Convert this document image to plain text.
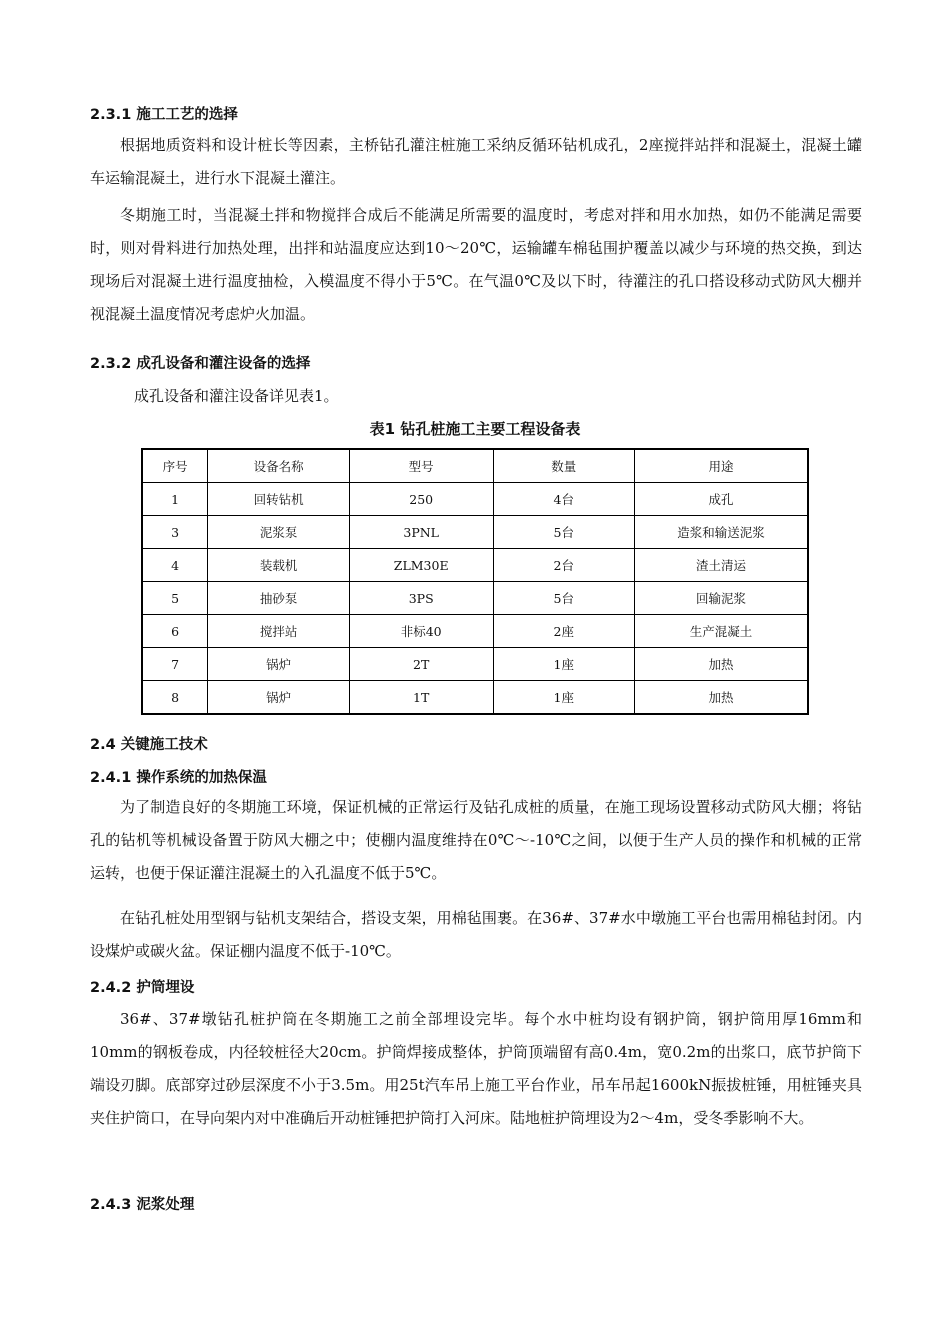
2.3.1 施工工艺的选择

根据地质资料和设计桩长等因素，主桥钻孔灌注桩施工采纳反循环钻机成孔，2座搅拌站拌和混凝土，混凝土罐车运输混凝土，进行水下混凝土灌注。

冬期施工时，当混凝土拌和物搅拌合成后不能满足所需要的温度时，考虑对拌和用水加热，如仍不能满足需要时，则对骨料进行加热处理，出拌和站温度应达到10～20℃，运输罐车棉毡围护覆盖以减少与环境的热交换，到达现场后对混凝土进行温度抽检，入模温度不得小于5℃。在气温0℃及以下时，待灌注的孔口搭设移动式防风大棚并视混凝土温度情况考虑炉火加温。

2.3.2 成孔设备和灌注设备的选择
成孔设备和灌注设备详见表1。
表1 钻孔桩施工主要工程设备表
序号	设备名称	型号	数量	用途
1	回转钻机	250	4台	成孔
3	泥浆泵	3PNL	5台	造浆和输送泥浆
4	装载机	ZLM30E	2台	渣土清运
5	抽砂泵	3PS	5台	回输泥浆
6	搅拌站	非标40	2座	生产混凝土
7	锅炉	2T	1座	加热
8	锅炉	1T	1座	加热
2.4 关键施工技术
2.4.1 操作系统的加热保温

为了制造良好的冬期施工环境，保证机械的正常运行及钻孔成桩的质量，在施工现场设置移动式防风大棚；将钻孔的钻机等机械设备置于防风大棚之中；使棚内温度维持在0℃～-10℃之间，以便于生产人员的操作和机械的正常运转，也便于保证灌注混凝土的入孔温度不低于5℃。

在钻孔桩处用型钢与钻机支架结合，搭设支架，用棉毡围裹。在36#、37#水中墩施工平台也需用棉毡封闭。内设煤炉或碳火盆。保证棚内温度不低于-10℃。

2.4.2 护筒埋设

36#、37#墩钻孔桩护筒在冬期施工之前全部埋设完毕。每个水中桩均设有钢护筒，钢护筒用厚16mm和10mm的钢板卷成，内径较桩径大20cm。护筒焊接成整体，护筒顶端留有高0.4m，宽0.2m的出浆口，底节护筒下端设刃脚。底部穿过砂层深度不小于3.5m。用25t汽车吊上施工平台作业，吊车吊起1600kN振拔桩锤，用桩锤夹具夹住护筒口，在导向架内对中准确后开动桩锤把护筒打入河床。陆地桩护筒埋设为2～4m，受冬季影响不大。

2.4.3 泥浆处理
